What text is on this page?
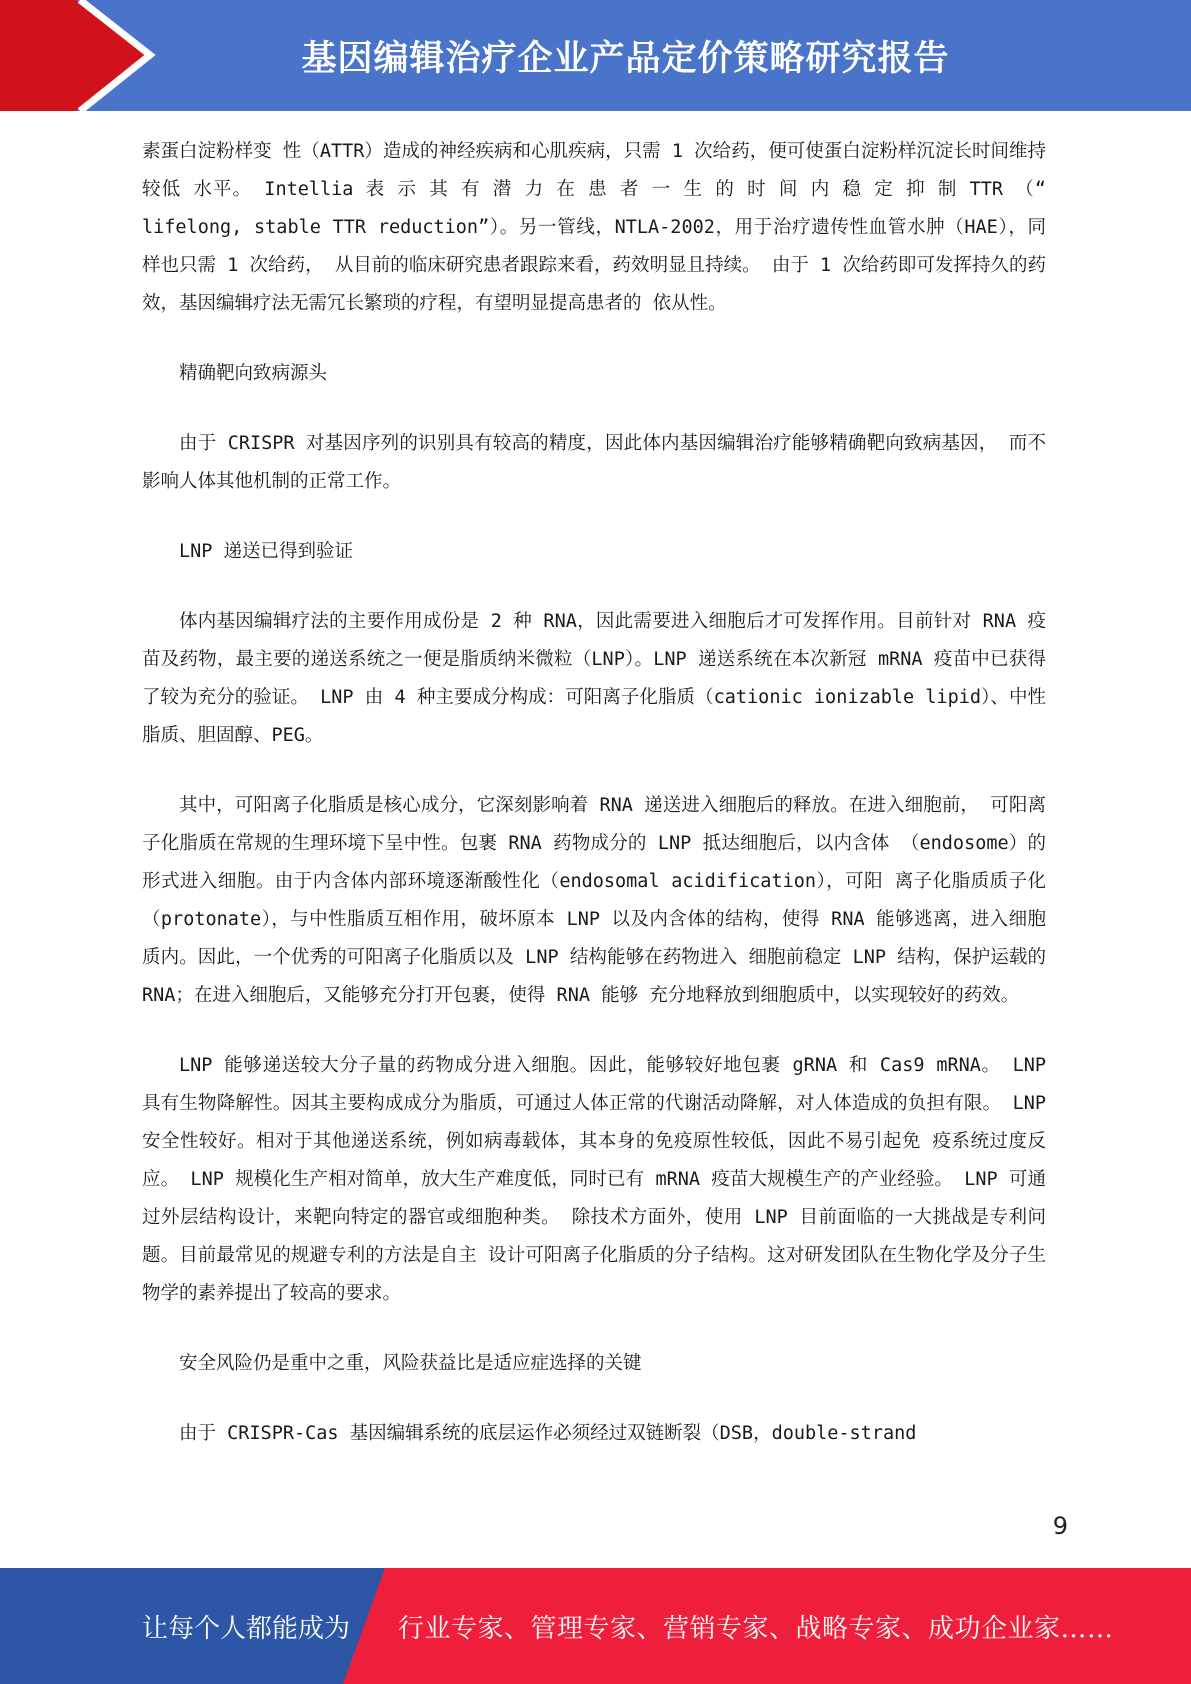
基因编辑治疗企业产品定价策略研究报告

素蛋白淀粉样变 性（ATTR）造成的神经疾病和心肌疾病，只需 1 次给药，便可使蛋白淀粉样沉淀长时间维持较低 水平。 Intellia 表 示 其 有 潜 力 在 患 者 一 生 的 时 间 内 稳 定 抑 制 TTR （“ lifelong, stable TTR reduction”）。另一管线，NTLA-2002，用于治疗遗传性血管水肿（HAE），同样也只需 1 次给药， 从目前的临床研究患者跟踪来看，药效明显且持续。 由于 1 次给药即可发挥持久的药效，基因编辑疗法无需冗长繁琐的疗程，有望明显提高患者的 依从性。

精确靶向致病源头

由于 CRISPR 对基因序列的识别具有较高的精度，因此体内基因编辑治疗能够精确靶向致病基因， 而不影响人体其他机制的正常工作。

LNP 递送已得到验证

体内基因编辑疗法的主要作用成份是 2 种 RNA，因此需要进入细胞后才可发挥作用。目前针对 RNA 疫苗及药物，最主要的递送系统之一便是脂质纳米微粒（LNP）。LNP 递送系统在本次新冠 mRNA 疫苗中已获得了较为充分的验证。 LNP 由 4 种主要成分构成：可阳离子化脂质（cationic ionizable lipid）、中性脂质、胆固醇、PEG。

其中，可阳离子化脂质是核心成分，它深刻影响着 RNA 递送进入细胞后的释放。在进入细胞前， 可阳离子化脂质在常规的生理环境下呈中性。包裹 RNA 药物成分的 LNP 抵达细胞后，以内含体 （endosome）的形式进入细胞。由于内含体内部环境逐渐酸性化（endosomal acidification），可阳 离子化脂质质子化（protonate），与中性脂质互相作用，破坏原本 LNP 以及内含体的结构，使得 RNA 能够逃离，进入细胞质内。因此，一个优秀的可阳离子化脂质以及 LNP 结构能够在药物进入 细胞前稳定 LNP 结构，保护运载的 RNA；在进入细胞后，又能够充分打开包裹，使得 RNA 能够 充分地释放到细胞质中，以实现较好的药效。

LNP 能够递送较大分子量的药物成分进入细胞。因此，能够较好地包裹 gRNA 和 Cas9 mRNA。 LNP 具有生物降解性。因其主要构成成分为脂质，可通过人体正常的代谢活动降解，对人体造成的负担有限。 LNP 安全性较好。相对于其他递送系统，例如病毒载体，其本身的免疫原性较低，因此不易引起免 疫系统过度反应。 LNP 规模化生产相对简单，放大生产难度低，同时已有 mRNA 疫苗大规模生产的产业经验。 LNP 可通过外层结构设计，来靶向特定的器官或细胞种类。 除技术方面外，使用 LNP 目前面临的一大挑战是专利问题。目前最常见的规避专利的方法是自主 设计可阳离子化脂质的分子结构。这对研发团队在生物化学及分子生物学的素养提出了较高的要求。

安全风险仍是重中之重，风险获益比是适应症选择的关键

由于 CRISPR-Cas 基因编辑系统的底层运作必须经过双链断裂（DSB，double-strand

9
让每个人都能成为 行业专家、管理专家、营销专家、战略专家、成功企业家……
